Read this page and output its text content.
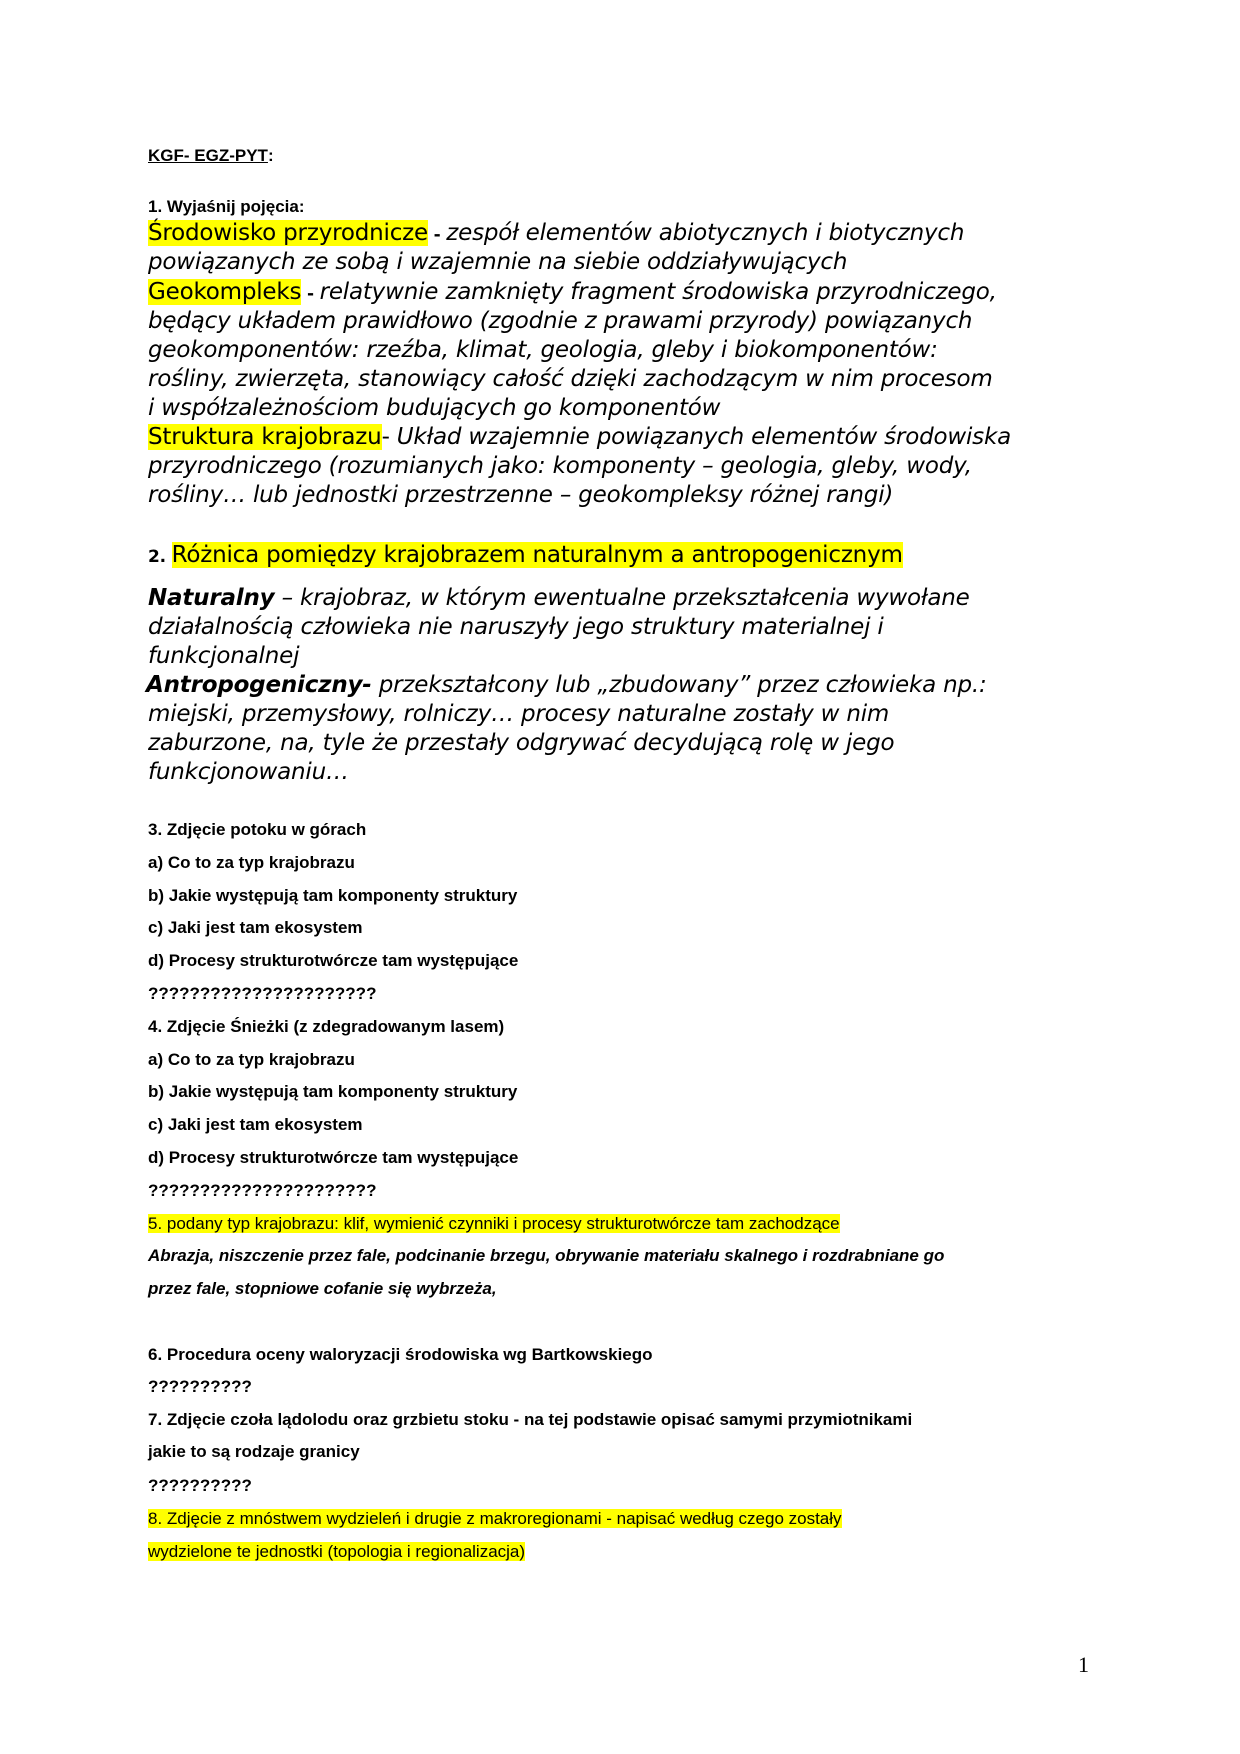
KGF- EGZ-PYT:
1. Wyjaśnij pojęcia:
Środowisko przyrodnicze - zespół elementów abiotycznych i biotycznych
powiązanych ze sobą i wzajemnie na siebie oddziaływujących
Geokompleks - relatywnie zamknięty fragment środowiska przyrodniczego,
będący układem prawidłowo (zgodnie z prawami przyrody) powiązanych
geokomponentów: rzeźba, klimat, geologia, gleby i biokomponentów:
rośliny, zwierzęta, stanowiący całość dzięki zachodzącym w nim procesom
i współzależnościom budujących go komponentów
Struktura krajobrazu- Układ wzajemnie powiązanych elementów środowiska
przyrodniczego (rozumianych jako: komponenty – geologia, gleby, wody,
rośliny… lub jednostki przestrzenne – geokompleksy różnej rangi)
2. Różnica pomiędzy krajobrazem naturalnym a antropogenicznym
Naturalny – krajobraz, w którym ewentualne przekształcenia wywołane
działalnością człowieka nie naruszyły jego struktury materialnej i
funkcjonalnej
Antropogeniczny- przekształcony lub „zbudowany” przez człowieka np.:
miejski, przemysłowy, rolniczy… procesy naturalne zostały w nim
zaburzone, na, tyle że przestały odgrywać decydującą rolę w jego
funkcjonowaniu…
3. Zdjęcie potoku w górach
a) Co to za typ krajobrazu
b) Jakie występują tam komponenty struktury
c) Jaki jest tam ekosystem
d) Procesy strukturotwórcze tam występujące
??????????????????????
4. Zdjęcie Śnieżki (z zdegradowanym lasem)
a) Co to za typ krajobrazu
b) Jakie występują tam komponenty struktury
c) Jaki jest tam ekosystem
d) Procesy strukturotwórcze tam występujące
??????????????????????
5. podany typ krajobrazu: klif, wymienić czynniki i procesy strukturotwórcze tam zachodzące
Abrazja, niszczenie przez fale, podcinanie brzegu, obrywanie materiału skalnego i rozdrabniane go
przez fale, stopniowe cofanie się wybrzeża,
6. Procedura oceny waloryzacji środowiska wg Bartkowskiego
??????????
7. Zdjęcie czoła lądolodu oraz grzbietu stoku - na tej podstawie opisać samymi przymiotnikami
jakie to są rodzaje granicy
??????????
8. Zdjęcie z mnóstwem wydzieleń i drugie z makroregionami - napisać według czego zostały
wydzielone te jednostki (topologia i regionalizacja)
1
